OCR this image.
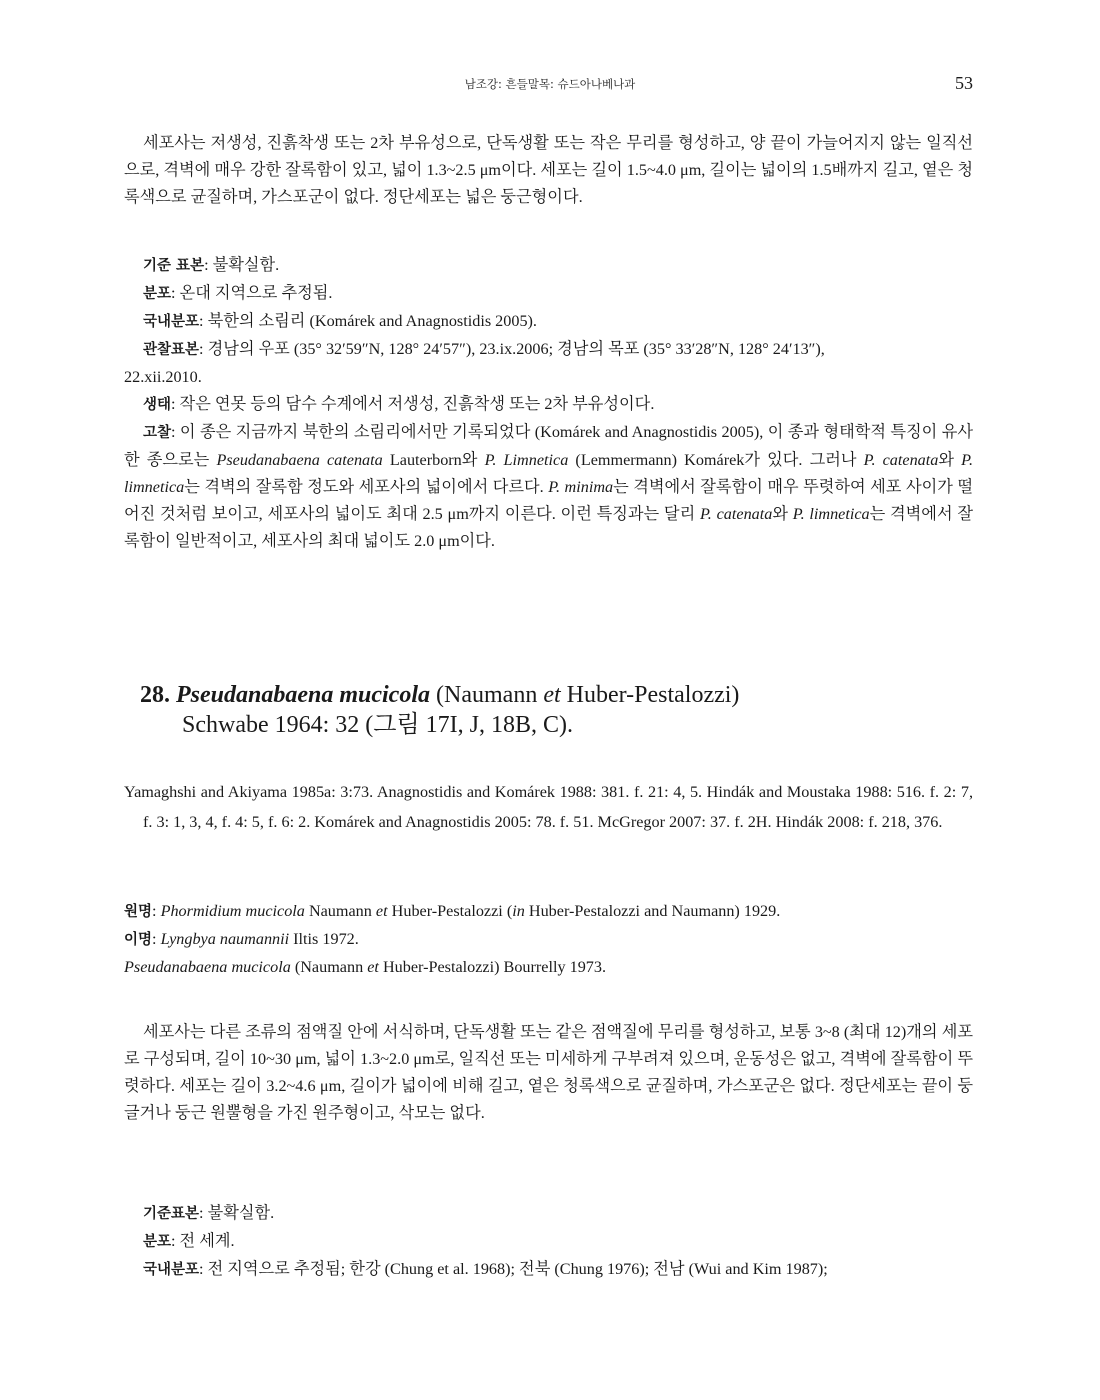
남조강: 흔들말목: 슈드아나베나과	53

세포사는 저생성, 진흙착생 또는 2차 부유성으로, 단독생활 또는 작은 무리를 형성하고, 양 끝이 가늘어지지 않는 일직선으로, 격벽에 매우 강한 잘록함이 있고, 넓이 1.3~2.5 μm이다. 세포는 길이 1.5~4.0 μm, 길이는 넓이의 1.5배까지 길고, 옅은 청록색으로 균질하며, 가스포군이 없다. 정단세포는 넓은 둥근형이다.

기준 표본: 불확실함.

분포: 온대 지역으로 추정됨.

국내분포: 북한의 소림리 (Komárek and Anagnostidis 2005).

관찰표본: 경남의 우포 (35° 32′59″N, 128° 24′57″), 23.ix.2006; 경남의 목포 (35° 33′28″N, 128° 24′13″),

22.xii.2010.

생태: 작은 연못 등의 담수 수계에서 저생성, 진흙착생 또는 2차 부유성이다.

고찰: 이 종은 지금까지 북한의 소림리에서만 기록되었다 (Komárek and Anagnostidis 2005), 이 종과 형태학적 특징이 유사한 종으로는 Pseudanabaena catenata Lauterborn와 P. Limnetica (Lemmermann) Komárek가 있다. 그러나 P. catenata와 P. limnetica는 격벽의 잘록함 정도와 세포사의 넓이에서 다르다. P. minima는 격벽에서 잘록함이 매우 뚜렷하여 세포 사이가 떨어진 것처럼 보이고, 세포사의 넓이도 최대 2.5 μm까지 이른다. 이런 특징과는 달리 P. catenata와 P. limnetica는 격벽에서 잘록함이 일반적이고, 세포사의 최대 넓이도 2.0 μm이다.

28. Pseudanabaena mucicola (Naumann et Huber-Pestalozzi)
Schwabe 1964: 32 (그림 17I, J, 18B, C).

Yamaghshi and Akiyama 1985a: 3:73. Anagnostidis and Komárek 1988: 381. f. 21: 4, 5. Hindák and Moustaka 1988: 516. f. 2: 7, f. 3: 1, 3, 4, f. 4: 5, f. 6: 2. Komárek and Anagnostidis 2005: 78. f. 51. McGregor 2007: 37. f. 2H. Hindák 2008: f. 218, 376.

원명: Phormidium mucicola Naumann et Huber-Pestalozzi (in Huber-Pestalozzi and Naumann) 1929.

이명: Lyngbya naumannii Iltis 1972.

Pseudanabaena mucicola (Naumann et Huber-Pestalozzi) Bourrelly 1973.

세포사는 다른 조류의 점액질 안에 서식하며, 단독생활 또는 같은 점액질에 무리를 형성하고, 보통 3~8 (최대 12)개의 세포로 구성되며, 길이 10~30 μm, 넓이 1.3~2.0 μm로, 일직선 또는 미세하게 구부려져 있으며, 운동성은 없고, 격벽에 잘록함이 뚜렷하다. 세포는 길이 3.2~4.6 μm, 길이가 넓이에 비해 길고, 옅은 청록색으로 균질하며, 가스포군은 없다. 정단세포는 끝이 둥글거나 둥근 원뿔형을 가진 원주형이고, 삭모는 없다.

기준표본: 불확실함.

분포: 전 세계.

국내분포: 전 지역으로 추정됨; 한강 (Chung et al. 1968); 전북 (Chung 1976); 전남 (Wui and Kim 1987);
